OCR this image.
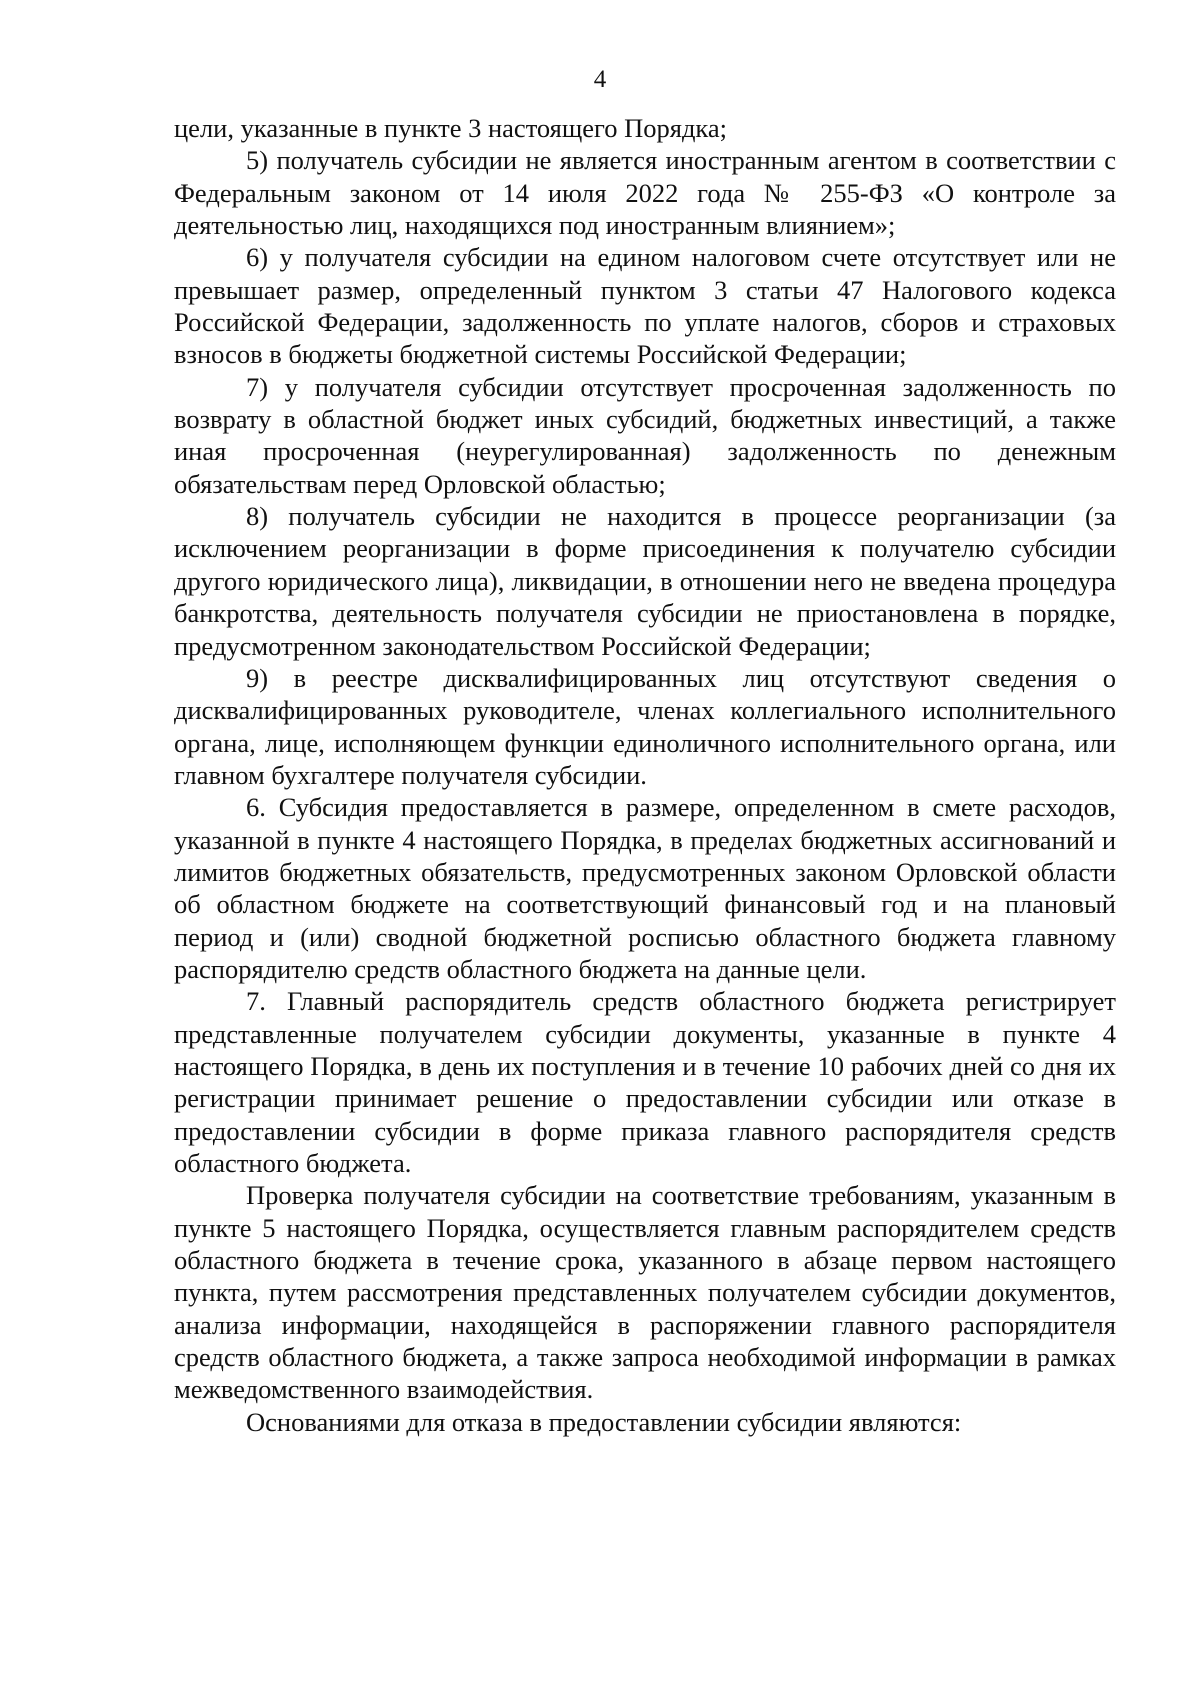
4

цели, указанные в пункте 3 настоящего Порядка;

5) получатель субсидии не является иностранным агентом в соответствии с Федеральным законом от 14 июля 2022 года № 255-ФЗ «О контроле за деятельностью лиц, находящихся под иностранным влиянием»;

6) у получателя субсидии на едином налоговом счете отсутствует или не превышает размер, определенный пунктом 3 статьи 47 Налогового кодекса Российской Федерации, задолженность по уплате налогов, сборов и страховых взносов в бюджеты бюджетной системы Российской Федерации;

7) у получателя субсидии отсутствует просроченная задолженность по возврату в областной бюджет иных субсидий, бюджетных инвестиций, а также иная просроченная (неурегулированная) задолженность по денежным обязательствам перед Орловской областью;

8) получатель субсидии не находится в процессе реорганизации (за исключением реорганизации в форме присоединения к получателю субсидии другого юридического лица), ликвидации, в отношении него не введена процедура банкротства, деятельность получателя субсидии не приостановлена в порядке, предусмотренном законодательством Российской Федерации;

9) в реестре дисквалифицированных лиц отсутствуют сведения о дисквалифицированных руководителе, членах коллегиального исполнительного органа, лице, исполняющем функции единоличного исполнительного органа, или главном бухгалтере получателя субсидии.

6. Субсидия предоставляется в размере, определенном в смете расходов, указанной в пункте 4 настоящего Порядка, в пределах бюджетных ассигнований и лимитов бюджетных обязательств, предусмотренных законом Орловской области об областном бюджете на соответствующий финансовый год и на плановый период и (или) сводной бюджетной росписью областного бюджета главному распорядителю средств областного бюджета на данные цели.

7. Главный распорядитель средств областного бюджета регистрирует представленные получателем субсидии документы, указанные в пункте 4 настоящего Порядка, в день их поступления и в течение 10 рабочих дней со дня их регистрации принимает решение о предоставлении субсидии или отказе в предоставлении субсидии в форме приказа главного распорядителя средств областного бюджета.

Проверка получателя субсидии на соответствие требованиям, указанным в пункте 5 настоящего Порядка, осуществляется главным распорядителем средств областного бюджета в течение срока, указанного в абзаце первом настоящего пункта, путем рассмотрения представленных получателем субсидии документов, анализа информации, находящейся в распоряжении главного распорядителя средств областного бюджета, а также запроса необходимой информации в рамках межведомственного взаимодействия.

Основаниями для отказа в предоставлении субсидии являются:
